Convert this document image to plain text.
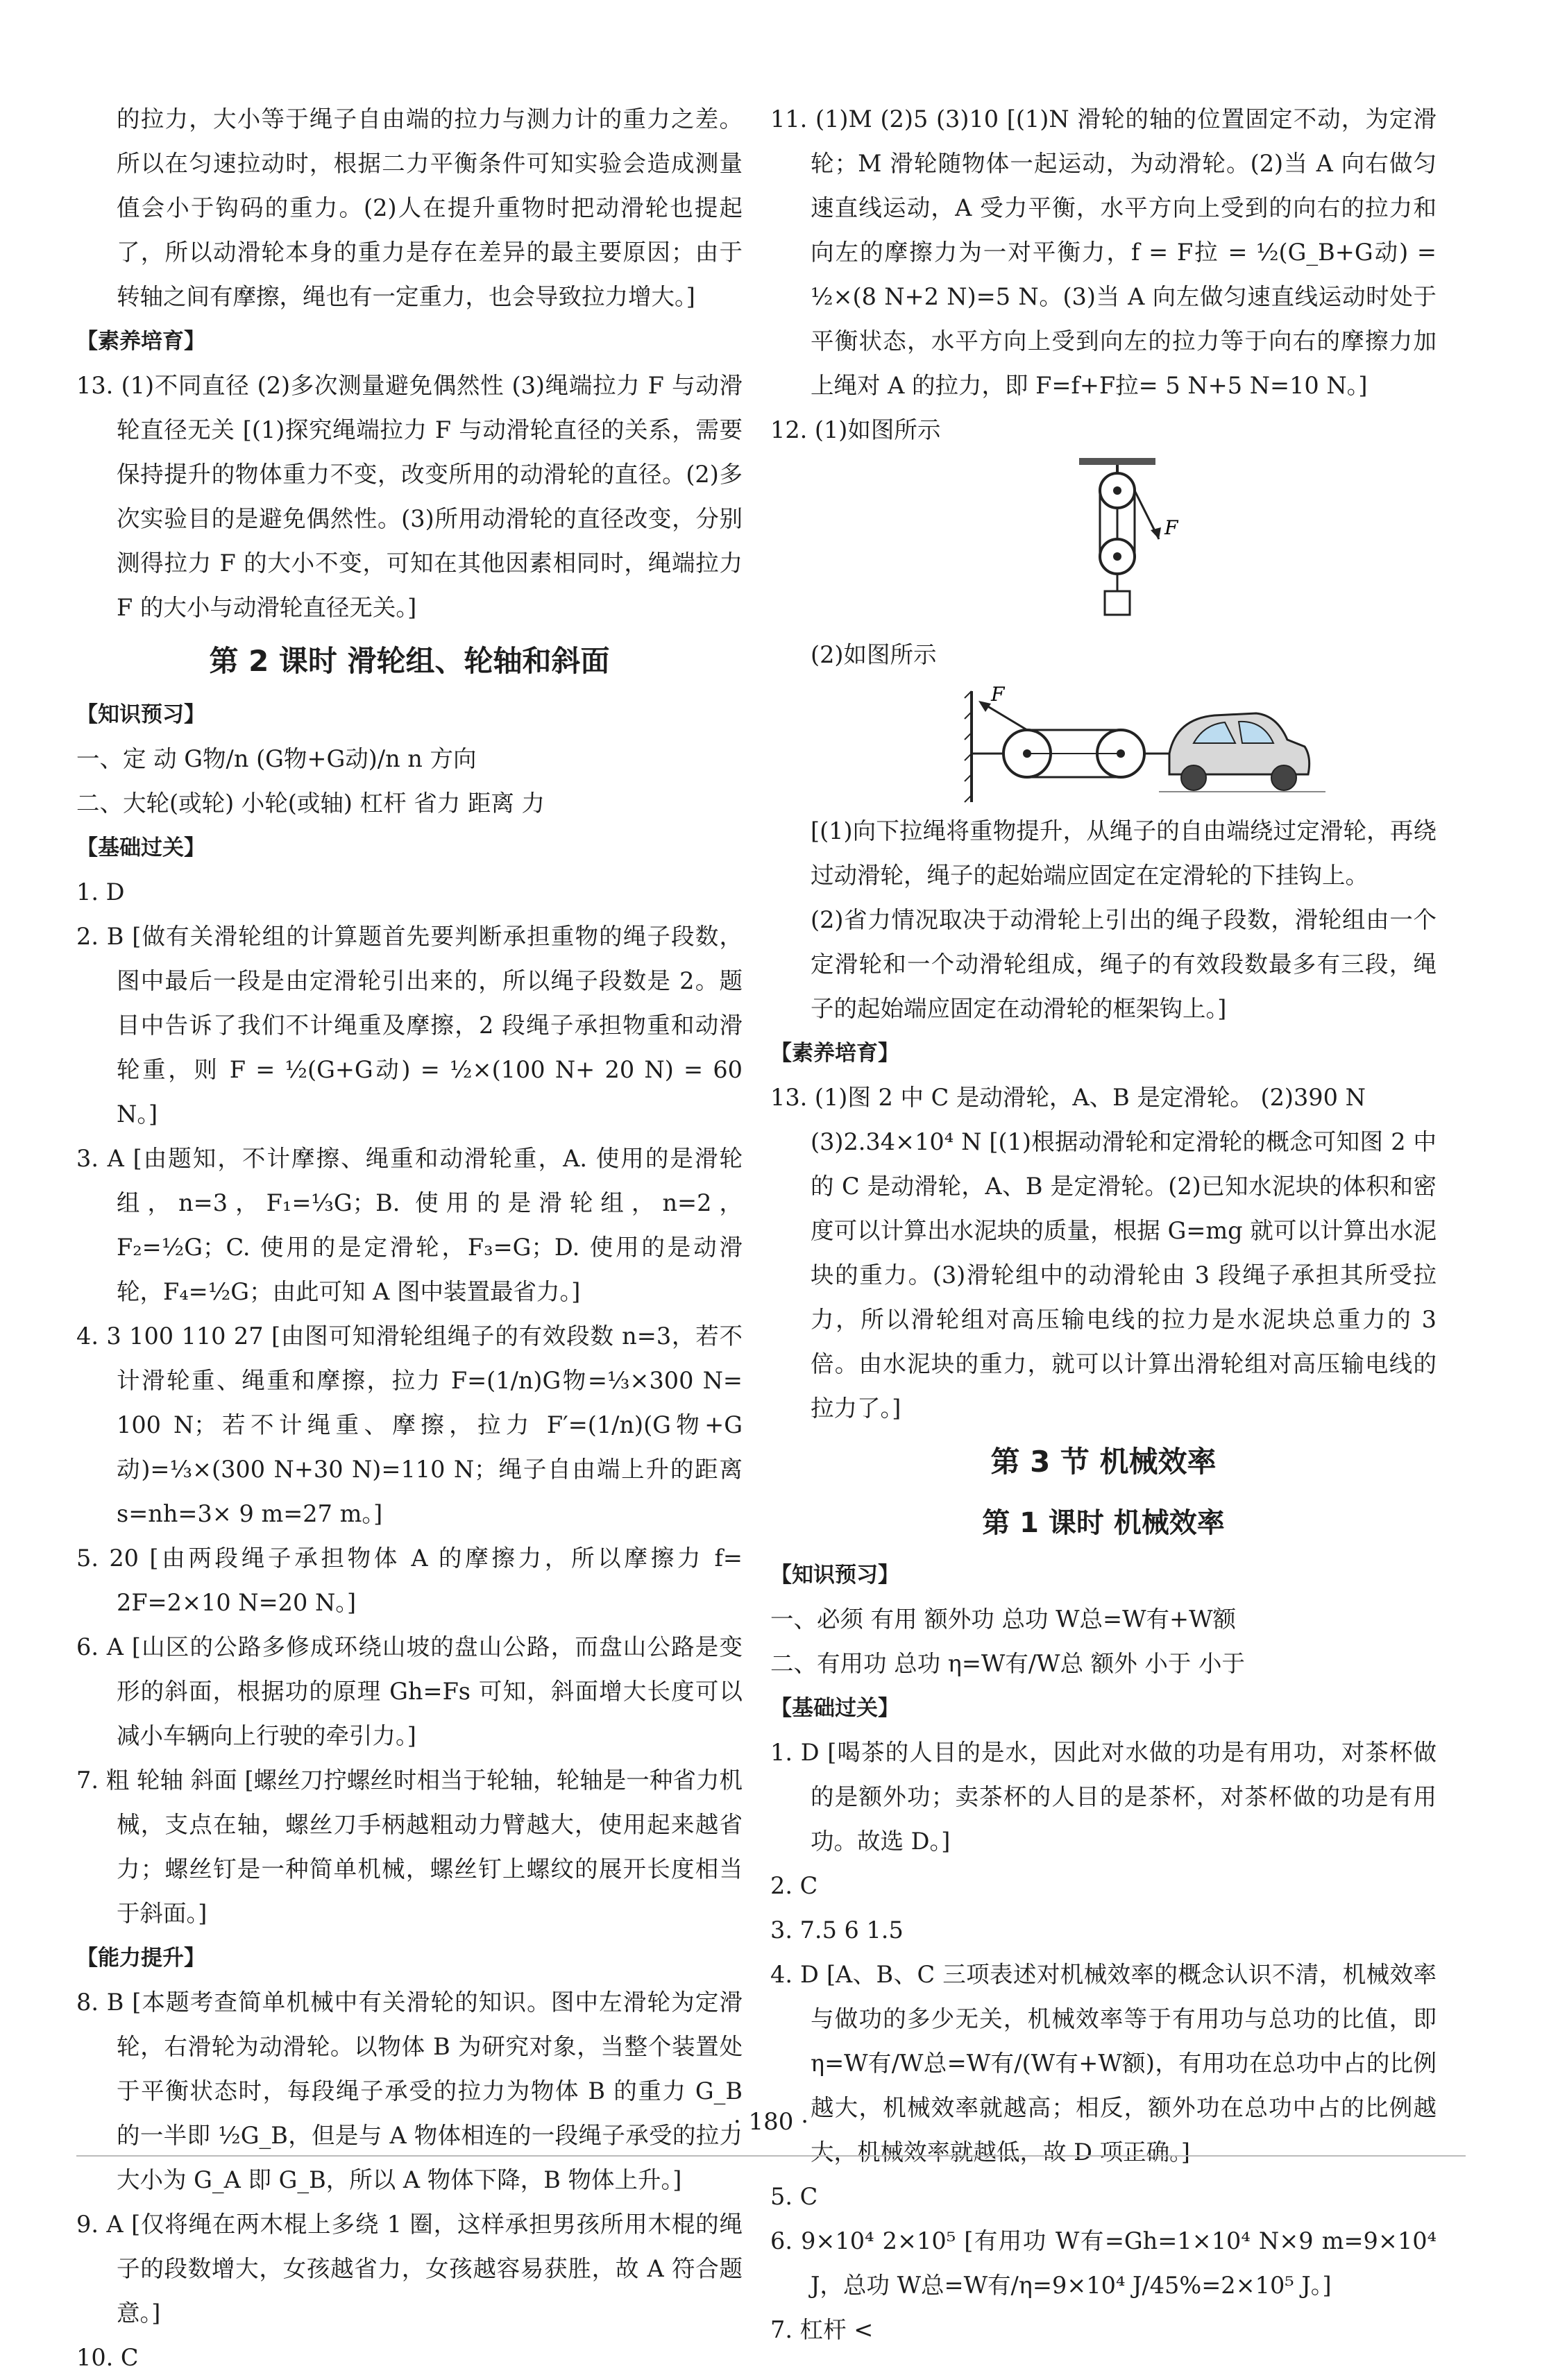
的拉力，大小等于绳子自由端的拉力与测力计的重力之差。所以在匀速拉动时，根据二力平衡条件可知实验会造成测量值会小于钩码的重力。(2)人在提升重物时把动滑轮也提起了，所以动滑轮本身的重力是存在差异的最主要原因；由于转轴之间有摩擦，绳也有一定重力，也会导致拉力增大。]

【素养培育】

13. (1)不同直径 (2)多次测量避免偶然性 (3)绳端拉力 F 与动滑轮直径无关 [(1)探究绳端拉力 F 与动滑轮直径的关系，需要保持提升的物体重力不变，改变所用的动滑轮的直径。(2)多次实验目的是避免偶然性。(3)所用动滑轮的直径改变，分别测得拉力 F 的大小不变，可知在其他因素相同时，绳端拉力 F 的大小与动滑轮直径无关。]

第 2 课时 滑轮组、轮轴和斜面

【知识预习】

一、定 动 G物/n (G物+G动)/n n 方向

二、大轮(或轮) 小轮(或轴) 杠杆 省力 距离 力

【基础过关】

1. D

2. B [做有关滑轮组的计算题首先要判断承担重物的绳子段数，图中最后一段是由定滑轮引出来的，所以绳子段数是 2。题目中告诉了我们不计绳重及摩擦，2 段绳子承担物重和动滑轮重，则 F = ½(G+G动) = ½×(100 N+ 20 N) = 60 N。]

3. A [由题知，不计摩擦、绳重和动滑轮重，A. 使用的是滑轮组，n=3，F₁=⅓G；B. 使用的是滑轮组，n=2，F₂=½G；C. 使用的是定滑轮，F₃=G；D. 使用的是动滑轮，F₄=½G；由此可知 A 图中装置最省力。]

4. 3 100 110 27 [由图可知滑轮组绳子的有效段数 n=3，若不计滑轮重、绳重和摩擦，拉力 F=(1/n)G物=⅓×300 N= 100 N；若不计绳重、摩擦，拉力 F′=(1/n)(G物+G动)=⅓×(300 N+30 N)=110 N；绳子自由端上升的距离 s=nh=3× 9 m=27 m。]

5. 20 [由两段绳子承担物体 A 的摩擦力，所以摩擦力 f= 2F=2×10 N=20 N。]

6. A [山区的公路多修成环绕山坡的盘山公路，而盘山公路是变形的斜面，根据功的原理 Gh=Fs 可知，斜面增大长度可以减小车辆向上行驶的牵引力。]

7. 粗 轮轴 斜面 [螺丝刀拧螺丝时相当于轮轴，轮轴是一种省力机械，支点在轴，螺丝刀手柄越粗动力臂越大，使用起来越省力；螺丝钉是一种简单机械，螺丝钉上螺纹的展开长度相当于斜面。]

【能力提升】

8. B [本题考查简单机械中有关滑轮的知识。图中左滑轮为定滑轮，右滑轮为动滑轮。以物体 B 为研究对象，当整个装置处于平衡状态时，每段绳子承受的拉力为物体 B 的重力 G_B 的一半即 ½G_B，但是与 A 物体相连的一段绳子承受的拉力大小为 G_A 即 G_B，所以 A 物体下降，B 物体上升。]

9. A [仅将绳在两木棍上多绕 1 圈，这样承担男孩所用木棍的绳子的段数增大，女孩越省力，女孩越容易获胜，故 A 符合题意。]

10. C

11. (1)M (2)5 (3)10 [(1)N 滑轮的轴的位置固定不动，为定滑轮；M 滑轮随物体一起运动，为动滑轮。(2)当 A 向右做匀速直线运动，A 受力平衡，水平方向上受到的向右的拉力和向左的摩擦力为一对平衡力，f = F拉 = ½(G_B+G动) = ½×(8 N+2 N)=5 N。(3)当 A 向左做匀速直线运动时处于平衡状态，水平方向上受到向左的拉力等于向右的摩擦力加上绳对 A 的拉力，即 F=f+F拉= 5 N+5 N=10 N。]

12. (1)如图所示

F

(2)如图所示

F

[(1)向下拉绳将重物提升，从绳子的自由端绕过定滑轮，再绕过动滑轮，绳子的起始端应固定在定滑轮的下挂钩上。

(2)省力情况取决于动滑轮上引出的绳子段数，滑轮组由一个定滑轮和一个动滑轮组成，绳子的有效段数最多有三段，绳子的起始端应固定在动滑轮的框架钩上。]

【素养培育】

13. (1)图 2 中 C 是动滑轮，A、B 是定滑轮。 (2)390 N

(3)2.34×10⁴ N [(1)根据动滑轮和定滑轮的概念可知图 2 中的 C 是动滑轮，A、B 是定滑轮。(2)已知水泥块的体积和密度可以计算出水泥块的质量，根据 G=mg 就可以计算出水泥块的重力。(3)滑轮组中的动滑轮由 3 段绳子承担其所受拉力，所以滑轮组对高压输电线的拉力是水泥块总重力的 3 倍。由水泥块的重力，就可以计算出滑轮组对高压输电线的拉力了。]

第 3 节 机械效率
第 1 课时 机械效率

【知识预习】

一、必须 有用 额外功 总功 W总=W有+W额

二、有用功 总功 η=W有/W总 额外 小于 小于

【基础过关】

1. D [喝茶的人目的是水，因此对水做的功是有用功，对茶杯做的是额外功；卖茶杯的人目的是茶杯，对茶杯做的功是有用功。故选 D。]

2. C

3. 7.5 6 1.5

4. D [A、B、C 三项表述对机械效率的概念认识不清，机械效率与做功的多少无关，机械效率等于有用功与总功的比值，即 η=W有/W总=W有/(W有+W额)，有用功在总功中占的比例越大，机械效率就越高；相反，额外功在总功中占的比例越大，机械效率就越低，故 D 项正确。]

5. C

6. 9×10⁴ 2×10⁵ [有用功 W有=Gh=1×10⁴ N×9 m=9×10⁴ J，总功 W总=W有/η=9×10⁴ J/45%=2×10⁵ J。]

7. 杠杆 <

· 180 ·
